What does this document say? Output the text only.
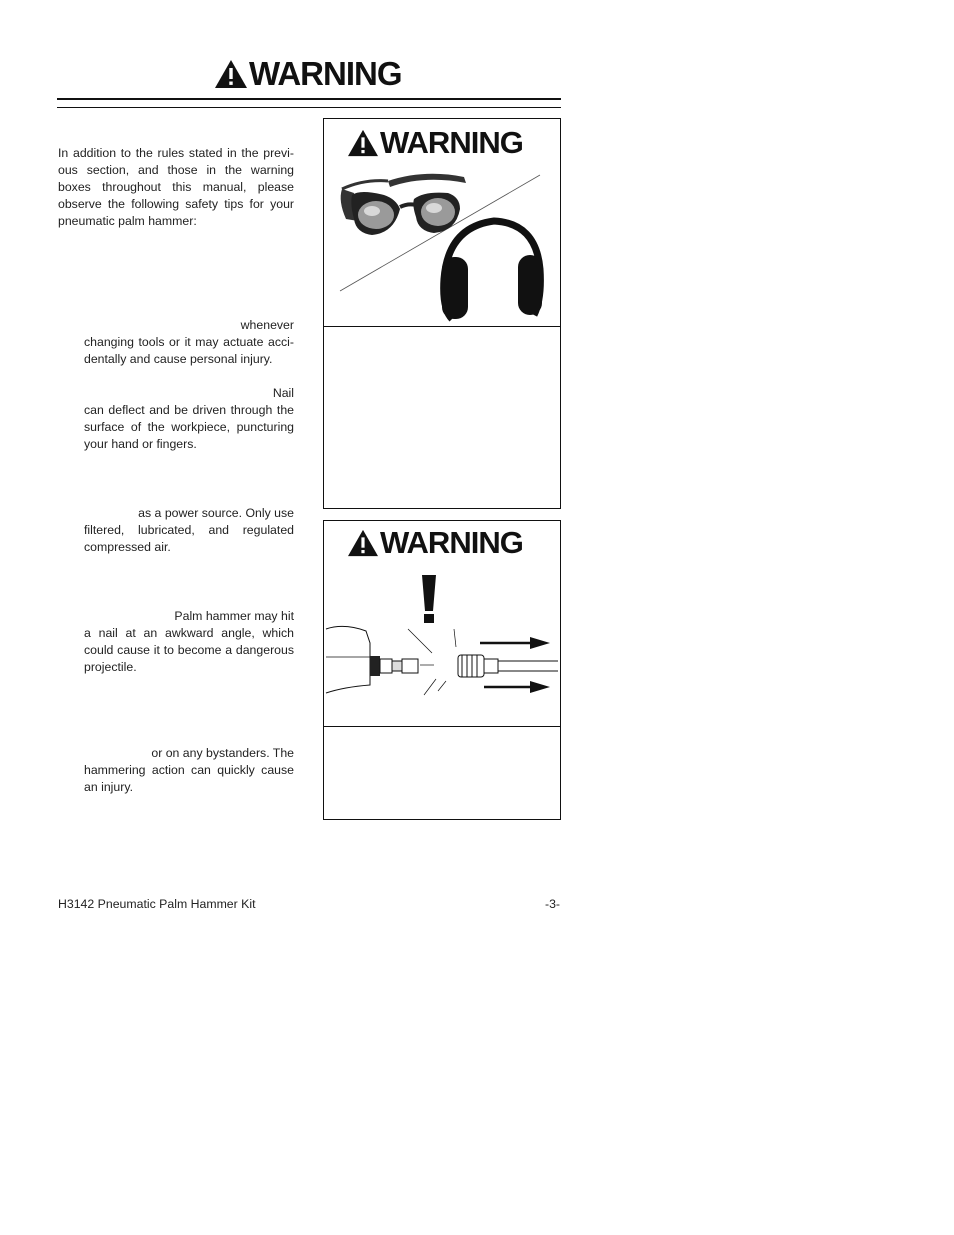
WARNING
In addition to the rules stated in the previ- ous section, and those in the warning boxes throughout this manual, please observe the following safety tips for your pneumatic palm hammer:
whenever
changing tools or it may actuate acci- dentally and cause personal injury.
Nail
can deflect and be driven through the surface of the workpiece, puncturing your hand or fingers.
as a power source. Only use
filtered, lubricated, and regulated compressed air.
Palm hammer may hit
a nail at an awkward angle, which could cause it to become a dangerous projectile.
or on any bystanders. The
hammering action can quickly cause an injury.
WARNING
WARNING
H3142 Pneumatic Palm Hammer Kit	-3-
